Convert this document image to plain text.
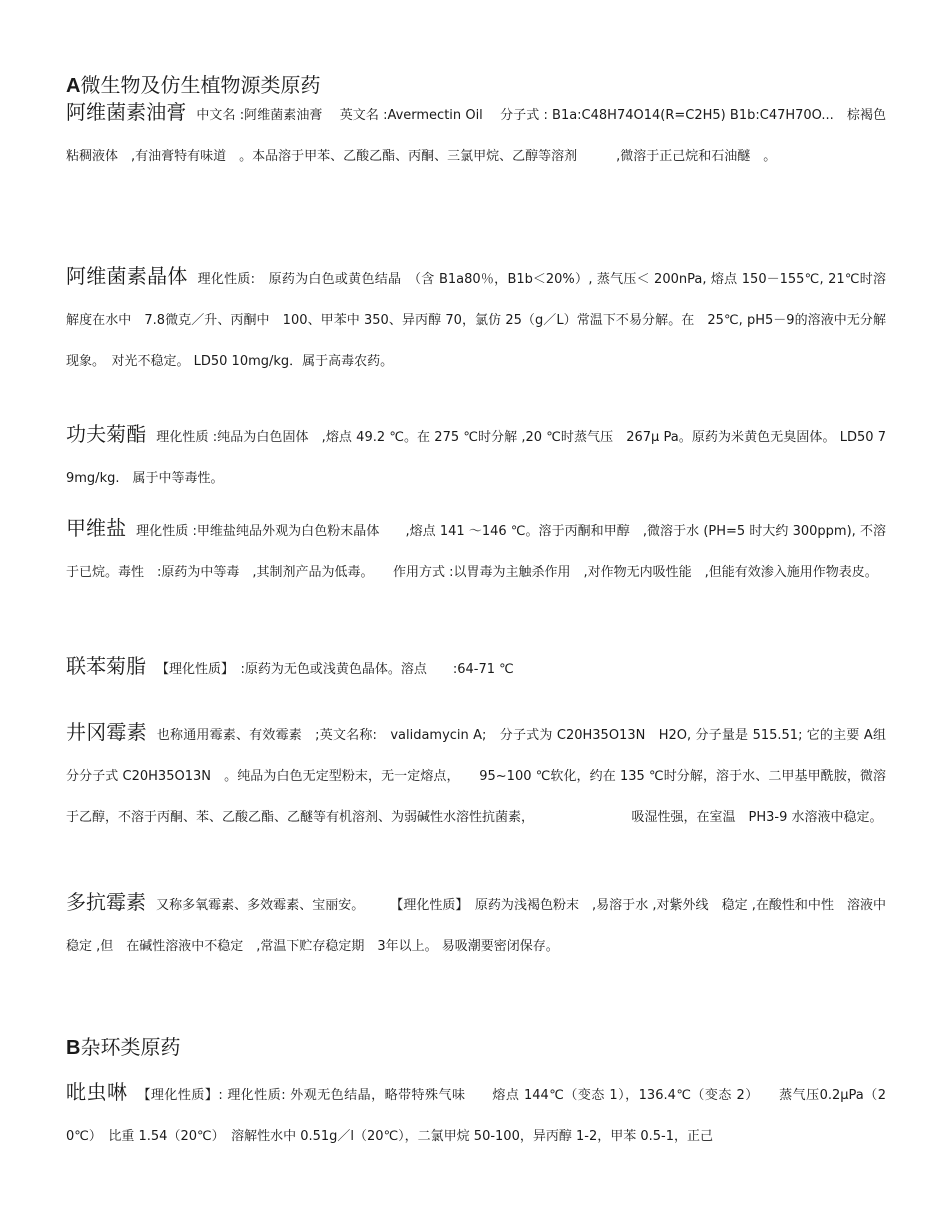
A微生物及仿生植物源类原药

阿维菌素油膏 中文名 :阿维菌素油膏　 英文名 :Avermectin Oil　 分子式 : B1a:C48H74O14(R=C2H5) B1b:C47H70O...　棕褐色粘稠液体　,有油膏特有味道　。本品溶于甲苯、乙酸乙酯、丙酮、三氯甲烷、乙醇等溶剂　　　,微溶于正己烷和石油醚　。

阿维菌素晶体 理化性质:　原药为白色或黄色结晶　（含 B1a80％，B1b＜20%）, 蒸气压＜ 200nPa, 熔点 150－155℃, 21℃时溶解度在水中　7.8微克／升、丙酮中　100、甲苯中 350、异丙醇 70，氯仿 25（g／L）常温下不易分解。在　25℃, pH5－9的溶液中无分解现象。　对光不稳定。 LD50 10mg/kg．属于高毒农药。

功夫菊酯 理化性质 :纯品为白色固体　,熔点 49.2 ℃。在 275 ℃时分解 ,20 ℃时蒸气压　267μ Pa。原药为米黄色无臭固体。 LD50 79mg/kg.　属于中等毒性。

甲维盐 理化性质 :甲维盐纯品外观为白色粉末晶体　　,熔点 141 ～146 ℃。溶于丙酮和甲醇　,微溶于水 (PH=5 时大约 300ppm), 不溶于已烷。毒性　:原药为中等毒　,其制剂产品为低毒。　　作用方式 :以胃毒为主触杀作用　,对作物无内吸性能　,但能有效渗入施用作物表皮。

联苯菊脂 【理化性质】　:原药为无色或浅黄色晶体。溶点　　:64-71 ℃

井冈霉素 也称通用霉素、有效霉素　;英文名称:　validamycin A;　分子式为 C20H35O13N　H2O, 分子量是 515.51; 它的主要 A组分分子式 C20H35O13N　。纯品为白色无定型粉末，无一定熔点，　　95~100 ℃软化，约在 135 ℃时分解，溶于水、二甲基甲酰胺，微溶于乙醇，不溶于丙酮、苯、乙酸乙酯、乙醚等有机溶剂、为弱碱性水溶性抗菌素，　　　　　　　　吸湿性强，在室温　PH3-9 水溶液中稳定。

多抗霉素 又称多氧霉素、多效霉素、宝丽安。　　　【理化性质】　原药为浅褐色粉末　,易溶于水 ,对紫外线　稳定 ,在酸性和中性　溶液中稳定 ,但　在碱性溶液中不稳定　,常温下贮存稳定期　3年以上。 易吸潮要密闭保存。

B杂环类原药

吡虫啉 【理化性质】: 理化性质: 外观无色结晶，略带特殊气味　　熔点 144℃（变态 1），136.4℃（变态 2）　　蒸气压0.2μPa（20℃）　比重 1.54（20℃）　溶解性水中 0.51g／l（20℃），二氯甲烷 50-100，异丙醇 1-2，甲苯 0.5-1，正己
